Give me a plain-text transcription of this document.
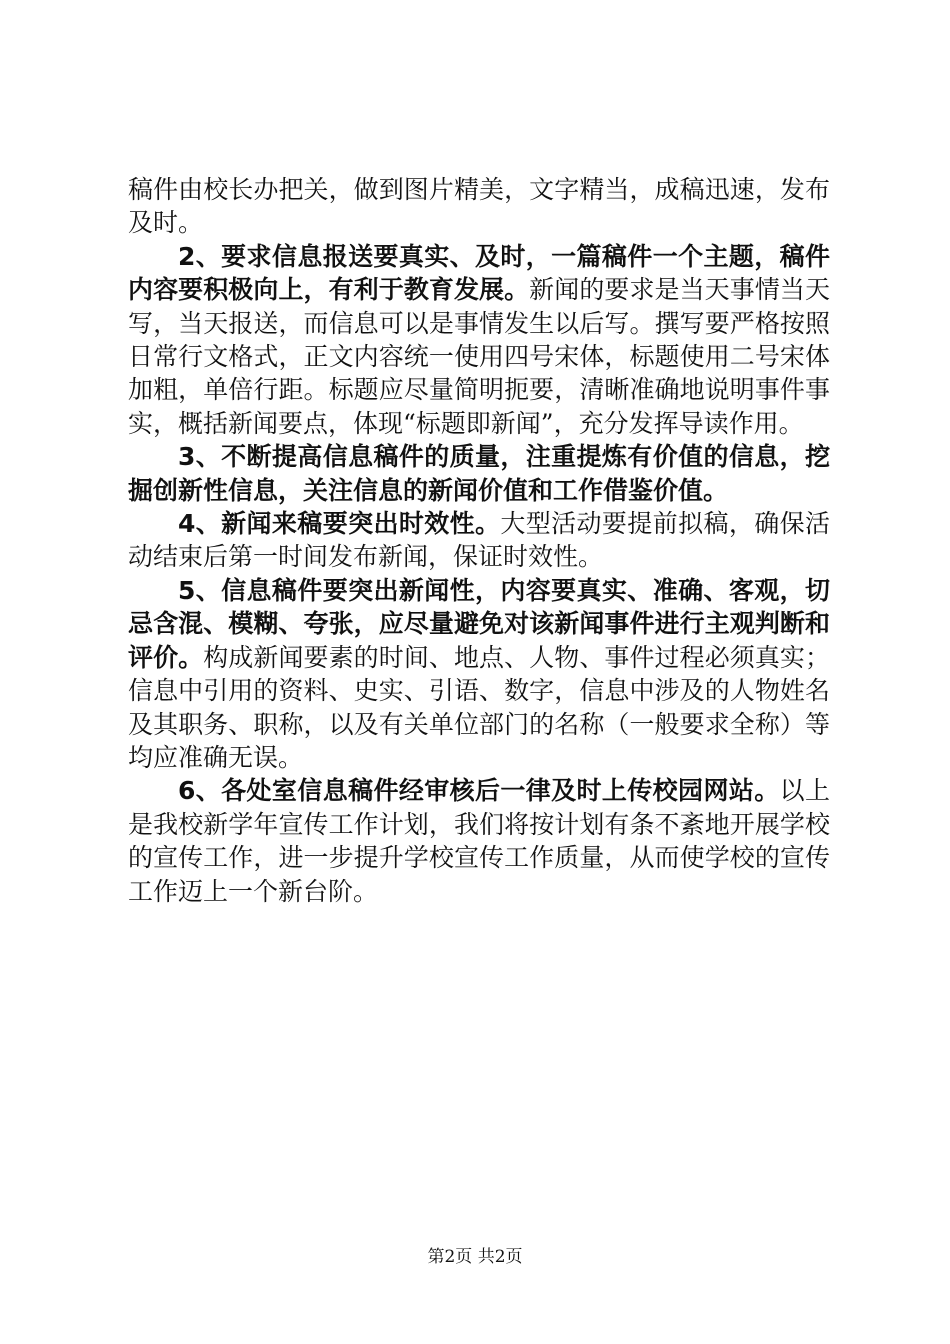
稿件由校长办把关，做到图片精美，文字精当，成稿迅速，发布及时。

2、要求信息报送要真实、及时，一篇稿件一个主题，稿件内容要积极向上，有利于教育发展。新闻的要求是当天事情当天写，当天报送，而信息可以是事情发生以后写。撰写要严格按照日常行文格式，正文内容统一使用四号宋体，标题使用二号宋体加粗，单倍行距。标题应尽量简明扼要，清晰准确地说明事件事实，概括新闻要点，体现“标题即新闻”，充分发挥导读作用。

3、不断提高信息稿件的质量，注重提炼有价值的信息，挖掘创新性信息，关注信息的新闻价值和工作借鉴价值。

4、新闻来稿要突出时效性。大型活动要提前拟稿，确保活动结束后第一时间发布新闻，保证时效性。

5、信息稿件要突出新闻性，内容要真实、准确、客观，切忌含混、模糊、夸张，应尽量避免对该新闻事件进行主观判断和评价。构成新闻要素的时间、地点、人物、事件过程必须真实；信息中引用的资料、史实、引语、数字，信息中涉及的人物姓名及其职务、职称，以及有关单位部门的名称（一般要求全称）等均应准确无误。

6、各处室信息稿件经审核后一律及时上传校园网站。以上是我校新学年宣传工作计划，我们将按计划有条不紊地开展学校的宣传工作，进一步提升学校宣传工作质量，从而使学校的宣传工作迈上一个新台阶。

第2页 共2页
